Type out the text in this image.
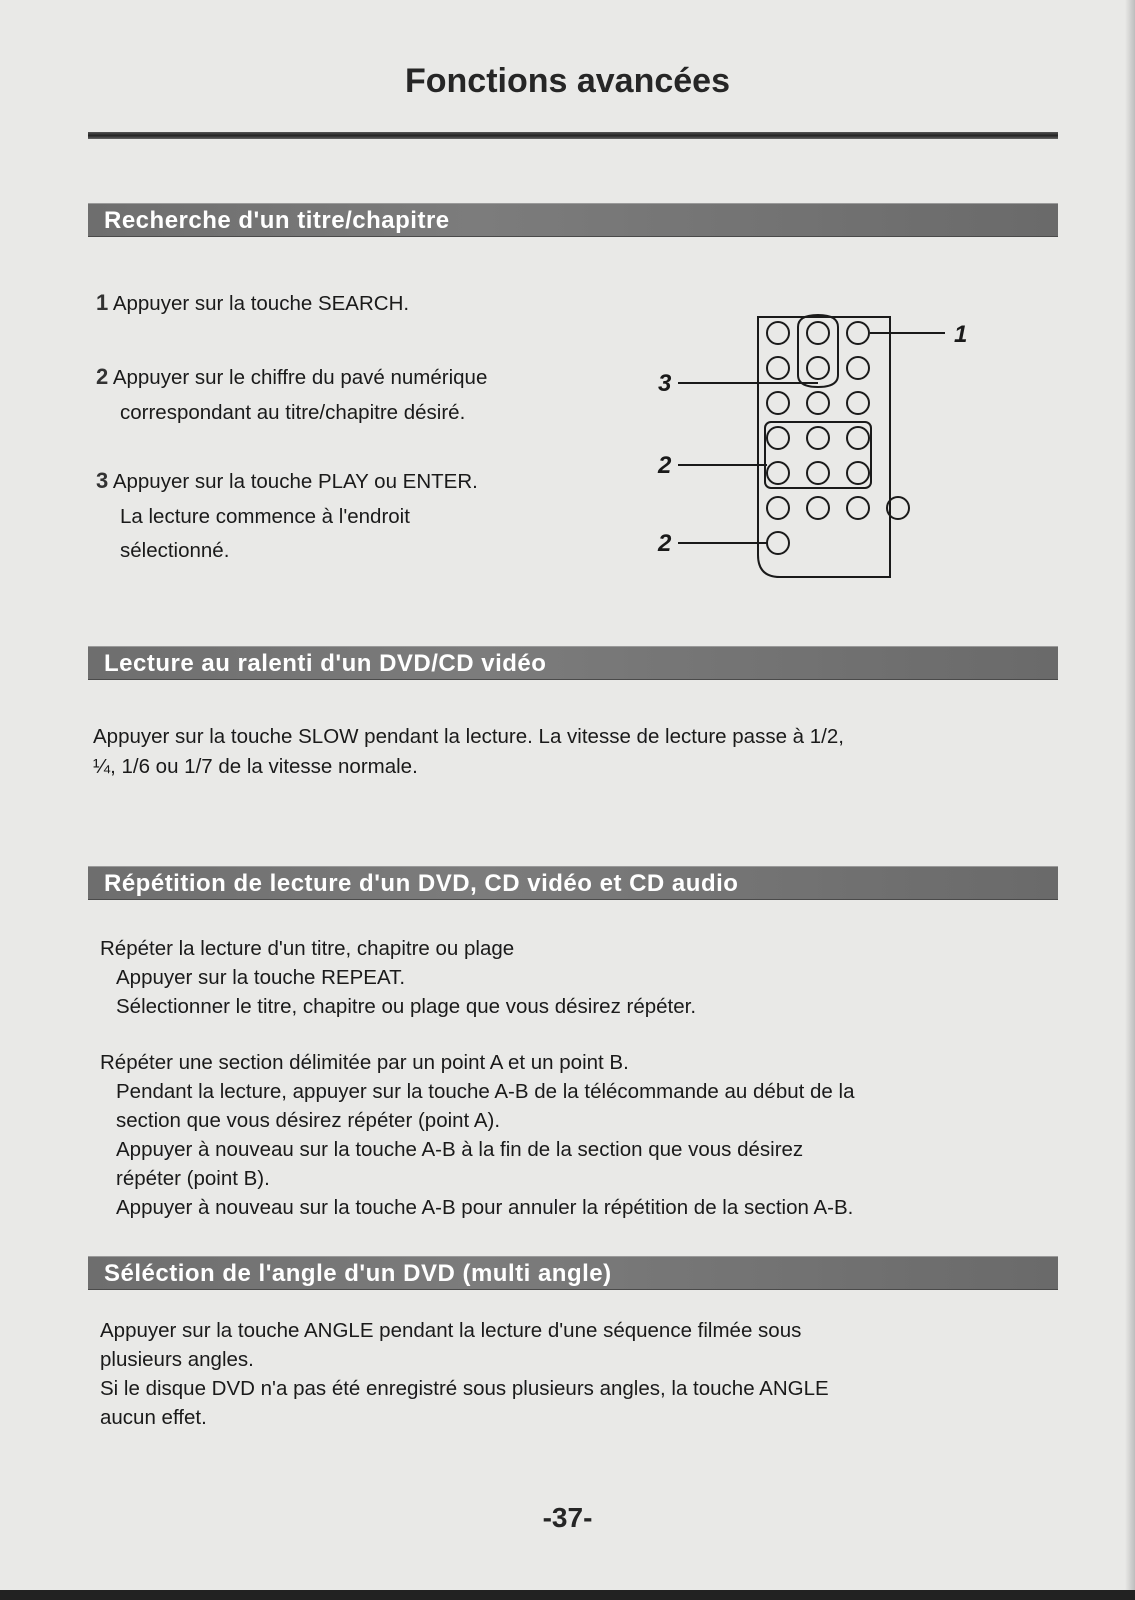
Fonctions avancées
Recherche d'un titre/chapitre
1 Appuyer sur la touche SEARCH.
2 Appuyer sur le chiffre du pavé numérique
correspondant au titre/chapitre désiré.
3 Appuyer sur la touche PLAY ou ENTER.
La lecture commence à l'endroit
sélectionné.
1
3
2
2
Lecture au ralenti d'un DVD/CD vidéo
Appuyer sur la touche SLOW pendant la lecture. La vitesse de lecture passe à 1/2,
¼, 1/6 ou 1/7 de la vitesse normale.
Répétition de lecture d'un DVD, CD vidéo et CD audio
Répéter la lecture d'un titre, chapitre ou plage
Appuyer sur la touche REPEAT.
Sélectionner le titre, chapitre ou plage que vous désirez répéter.
Répéter une section délimitée par un point A et un point B.
Pendant la lecture, appuyer sur la touche A-B de la télécommande au début de la
section que vous désirez répéter (point A).
Appuyer à nouveau sur la touche A-B à la fin de la section que vous désirez
répéter (point B).
Appuyer à nouveau sur la touche A-B pour annuler la répétition de la section A-B.
Séléction de l'angle d'un DVD (multi angle)
Appuyer sur la touche ANGLE pendant la lecture d'une séquence filmée sous
plusieurs angles.
Si le disque DVD n'a pas été enregistré sous plusieurs angles, la touche ANGLE
aucun effet.
-37-
